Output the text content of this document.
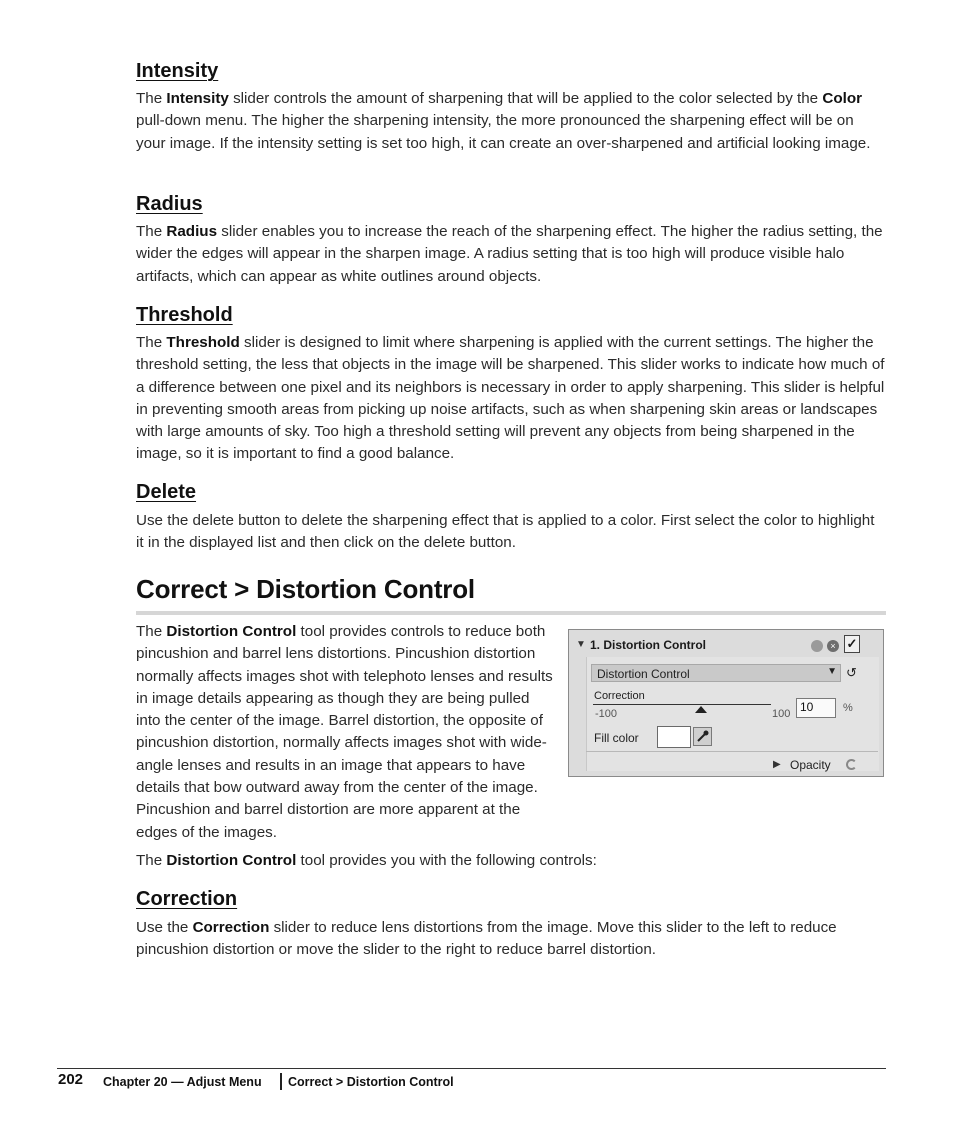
Intensity

The Intensity slider controls the amount of sharpening that will be applied to the color selected by the Color pull-down menu. The higher the sharpening intensity, the more pronounced the sharpening effect will be on your image. If the intensity setting is set too high, it can create an over-sharpened and artificial looking image.

Radius

The Radius slider enables you to increase the reach of the sharpening effect. The higher the radius setting, the wider the edges will appear in the sharpen image. A radius setting that is too high will produce visible halo artifacts, which can appear as white outlines around objects.

Threshold

The Threshold slider is designed to limit where sharpening is applied with the current settings. The higher the threshold setting, the less that objects in the image will be sharpened. This slider works to indicate how much of a difference between one pixel and its neighbors is necessary in order to apply sharpening. This slider is helpful in preventing smooth areas from picking up noise artifacts, such as when sharpening skin areas or landscapes with large amounts of sky. Too high a threshold setting will prevent any objects from being sharpened in the image, so it is important to find a good balance.

Delete

Use the delete button to delete the sharpening effect that is applied to a color. First select the color to highlight it in the displayed list and then click on the delete button.

Correct > Distortion Control

The Distortion Control tool provides controls to reduce both pincushion and barrel lens distortions. Pincushion distortion normally affects images shot with telephoto lenses and results in image details appearing as though they are being pulled into the center of the image. Barrel distortion, the opposite of pincushion distortion, normally affects images shot with wide-angle lenses and results in an image that appears to have details that bow outward away from the center of the image. Pincushion and barrel distortion are more apparent at the edges of the images.

▼ 1. Distortion Control	× ✓
Distortion Control	▼ ↺
Correction
-100	100 10	%
Fill color
▶ Opacity

The Distortion Control tool provides you with the following controls:

Correction

Use the Correction slider to reduce lens distortions from the image. Move this slider to the left to reduce pincushion distortion or move the slider to the right to reduce barrel distortion.

202 Chapter 20 — Adjust Menu Correct > Distortion Control
